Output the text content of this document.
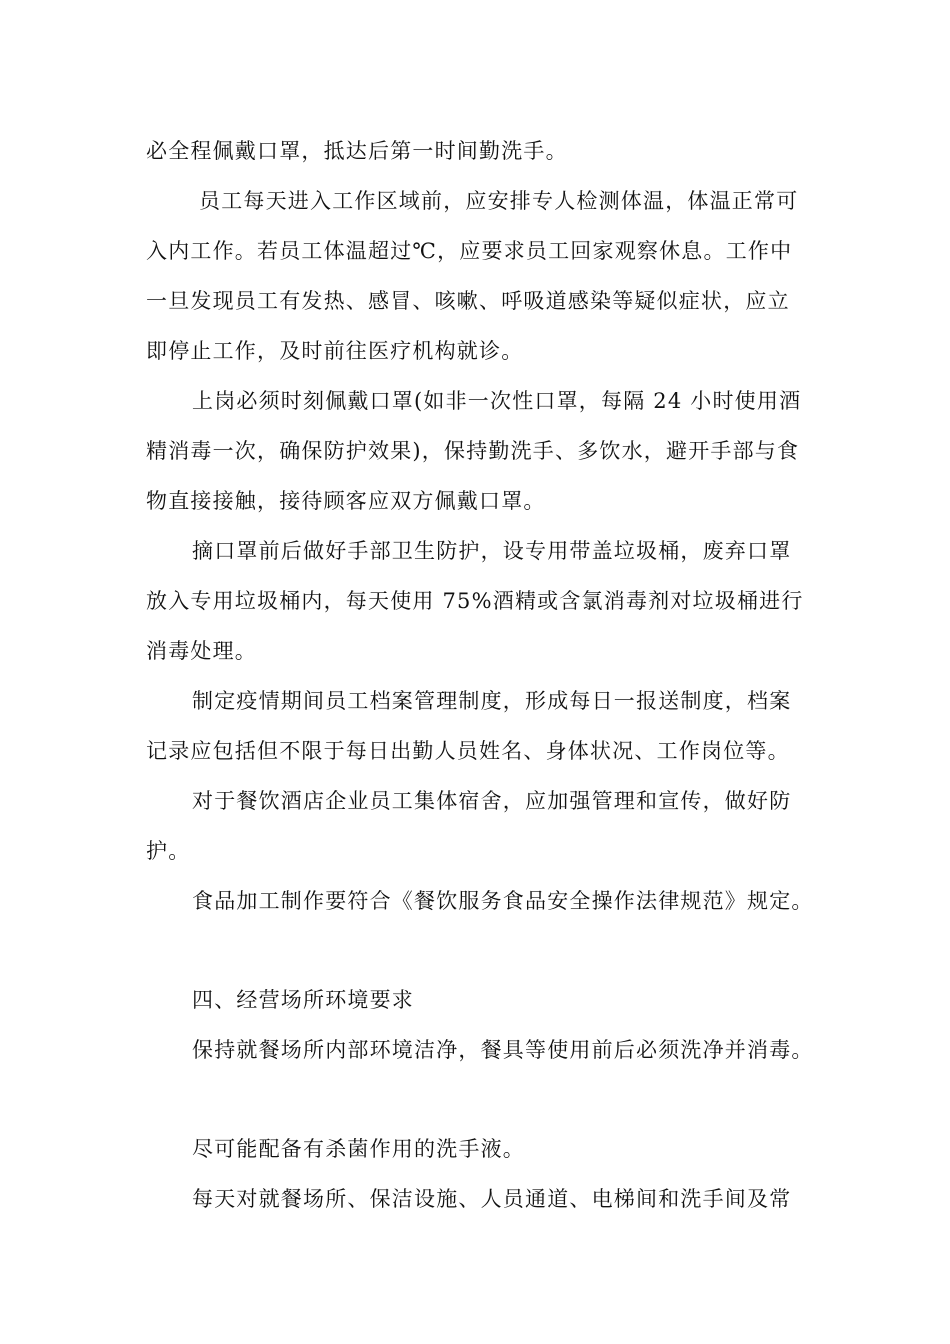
必全程佩戴口罩，抵达后第一时间勤洗手。
员工每天进入工作区域前，应安排专人检测体温，体温正常可
入内工作。若员工体温超过℃，应要求员工回家观察休息。工作中
一旦发现员工有发热、感冒、咳嗽、呼吸道感染等疑似症状，应立
即停止工作，及时前往医疗机构就诊。
上岗必须时刻佩戴口罩(如非一次性口罩，每隔 24 小时使用酒
精消毒一次，确保防护效果)，保持勤洗手、多饮水，避开手部与食
物直接接触，接待顾客应双方佩戴口罩。
摘口罩前后做好手部卫生防护，设专用带盖垃圾桶，废弃口罩
放入专用垃圾桶内，每天使用 75%酒精或含氯消毒剂对垃圾桶进行
消毒处理。
制定疫情期间员工档案管理制度，形成每日一报送制度，档案
记录应包括但不限于每日出勤人员姓名、身体状况、工作岗位等。
对于餐饮酒店企业员工集体宿舍，应加强管理和宣传，做好防
护。
食品加工制作要符合《餐饮服务食品安全操作法律规范》规定。
四、经营场所环境要求
保持就餐场所内部环境洁净，餐具等使用前后必须洗净并消毒。
尽可能配备有杀菌作用的洗手液。
每天对就餐场所、保洁设施、人员通道、电梯间和洗手间及常
